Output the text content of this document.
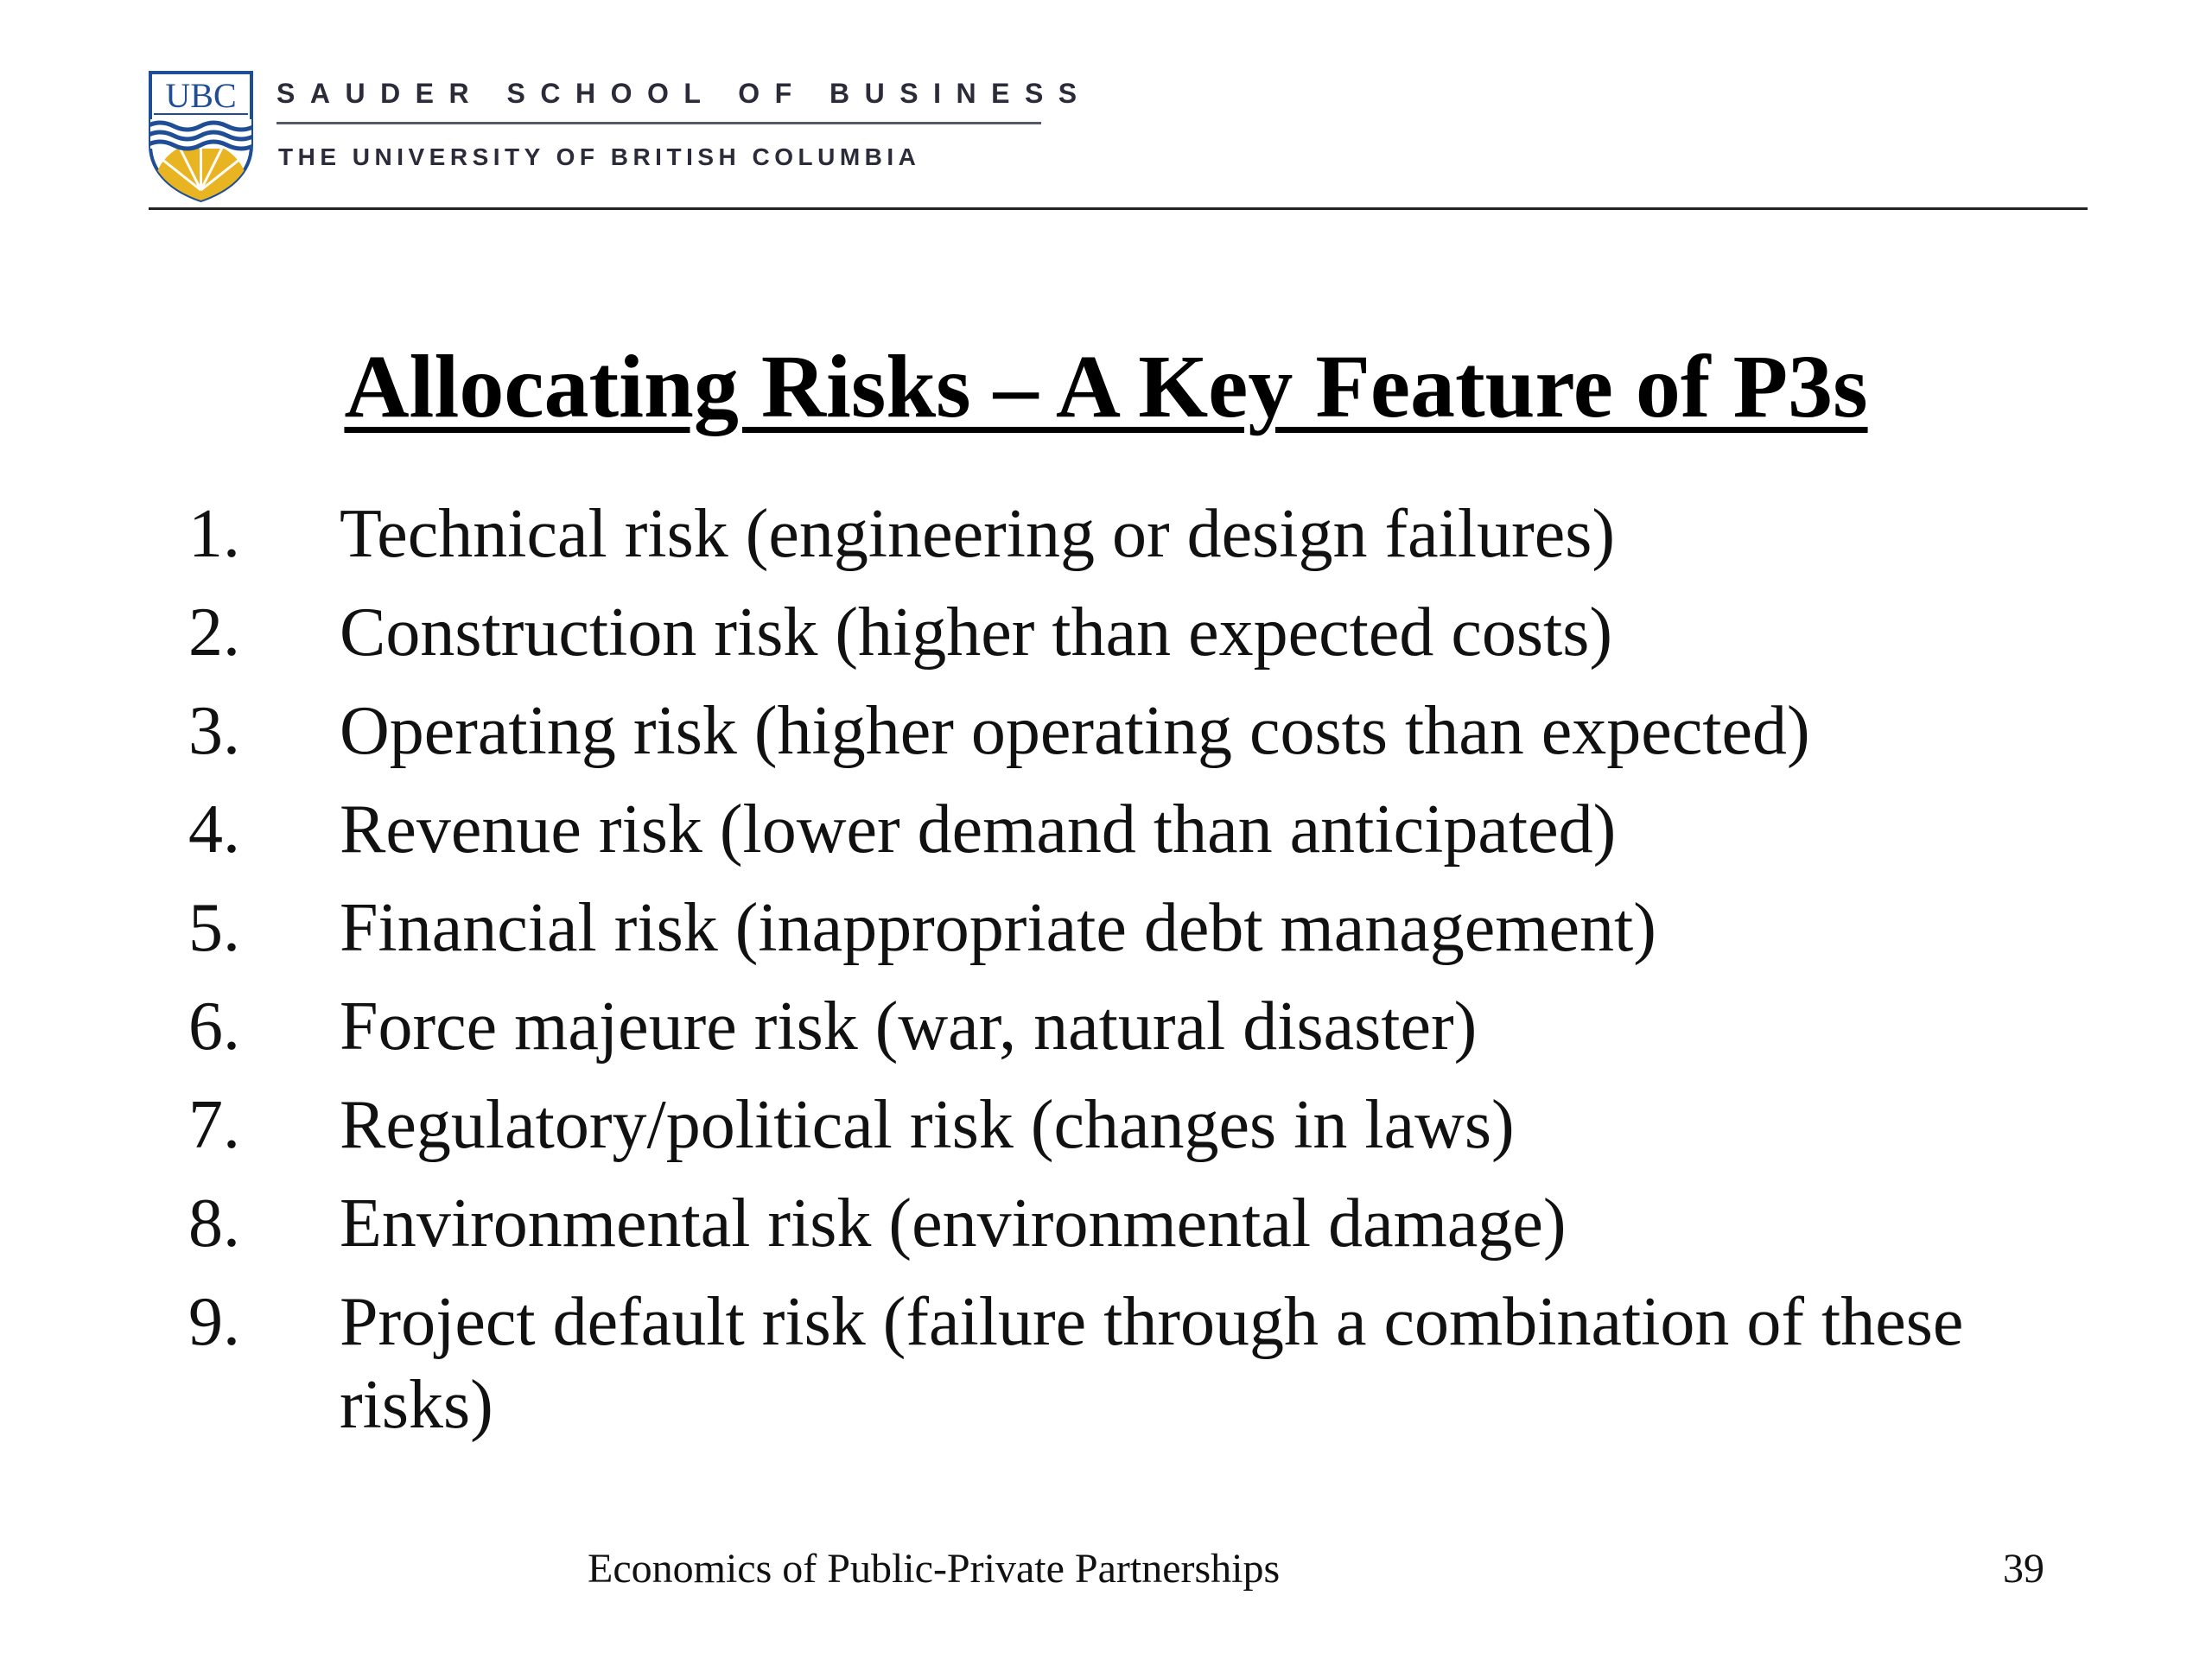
UBC SAUDER SCHOOL OF BUSINESS
THE UNIVERSITY OF BRITISH COLUMBIA
Allocating Risks – A Key Feature of P3s
1. Technical risk (engineering or design failures)
2. Construction risk (higher than expected costs)
3. Operating risk (higher operating costs than expected)
4. Revenue risk (lower demand than anticipated)
5. Financial risk (inappropriate debt management)
6. Force majeure risk (war, natural disaster)
7. Regulatory/political risk (changes in laws)
8. Environmental risk (environmental damage)
9. Project default risk (failure through a combination of these risks)
Economics of Public-Private Partnerships	39
